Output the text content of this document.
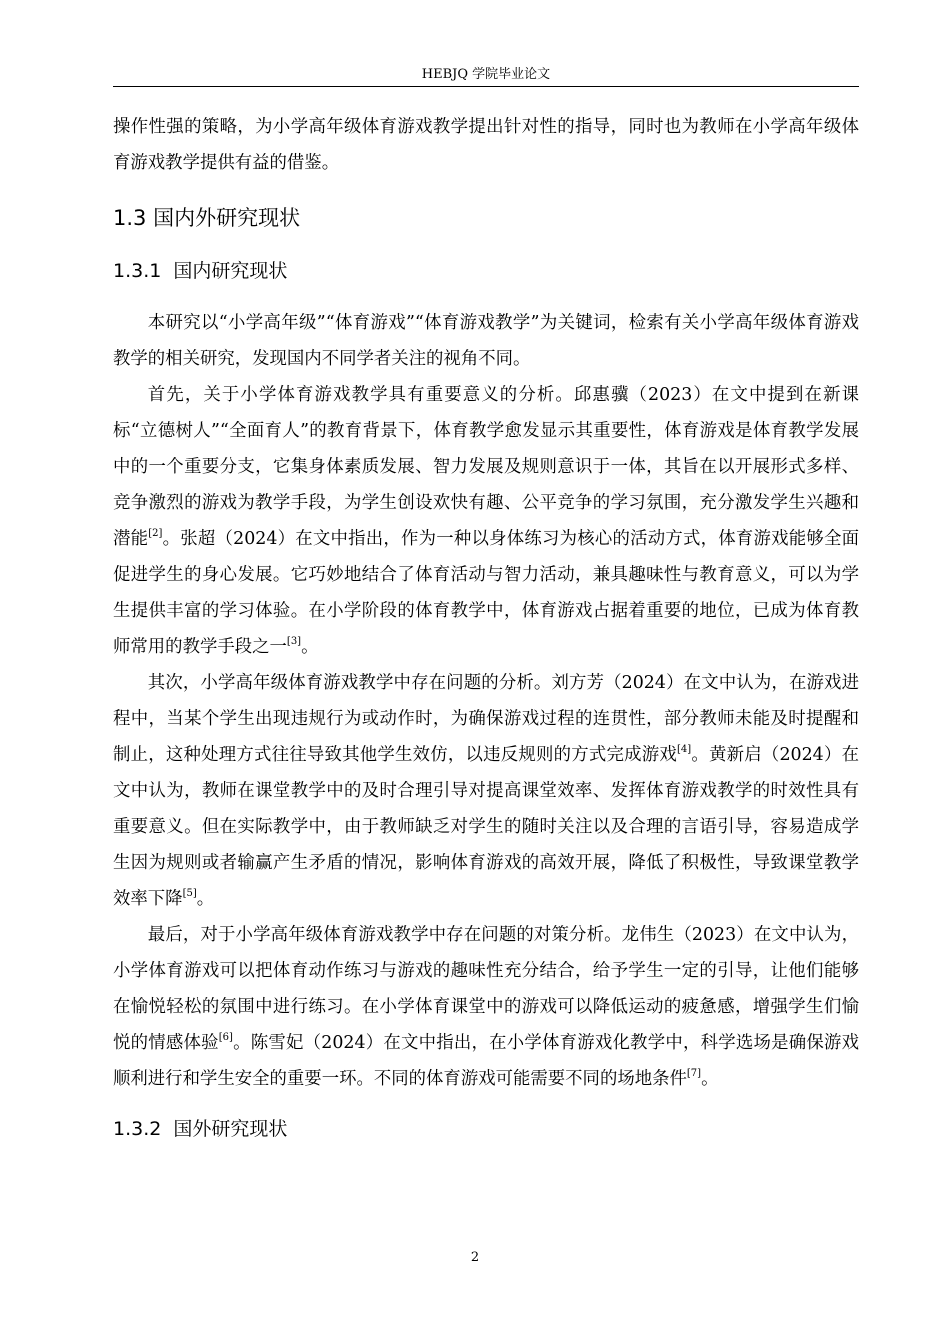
HEBJQ 学院毕业论文

操作性强的策略，为小学高年级体育游戏教学提出针对性的指导，同时也为教师在小学高年级体育游戏教学提供有益的借鉴。

1.3 国内外研究现状
1.3.1 国内研究现状

本研究以“小学高年级”“体育游戏”“体育游戏教学”为关键词，检索有关小学高年级体育游戏教学的相关研究，发现国内不同学者关注的视角不同。

首先，关于小学体育游戏教学具有重要意义的分析。邱惠骥（2023）在文中提到在新课标“立德树人”“全面育人”的教育背景下，体育教学愈发显示其重要性，体育游戏是体育教学发展中的一个重要分支，它集身体素质发展、智力发展及规则意识于一体，其旨在以开展形式多样、竞争激烈的游戏为教学手段，为学生创设欢快有趣、公平竞争的学习氛围，充分激发学生兴趣和潜能[2]。张超（2024）在文中指出，作为一种以身体练习为核心的活动方式，体育游戏能够全面促进学生的身心发展。它巧妙地结合了体育活动与智力活动，兼具趣味性与教育意义，可以为学生提供丰富的学习体验。在小学阶段的体育教学中，体育游戏占据着重要的地位，已成为体育教师常用的教学手段之一[3]。

其次，小学高年级体育游戏教学中存在问题的分析。刘方芳（2024）在文中认为，在游戏进程中，当某个学生出现违规行为或动作时，为确保游戏过程的连贯性，部分教师未能及时提醒和制止，这种处理方式往往导致其他学生效仿，以违反规则的方式完成游戏[4]。黄新启（2024）在文中认为，教师在课堂教学中的及时合理引导对提高课堂效率、发挥体育游戏教学的时效性具有重要意义。但在实际教学中，由于教师缺乏对学生的随时关注以及合理的言语引导，容易造成学生因为规则或者输赢产生矛盾的情况，影响体育游戏的高效开展，降低了积极性，导致课堂教学效率下降[5]。

最后，对于小学高年级体育游戏教学中存在问题的对策分析。龙伟生（2023）在文中认为，小学体育游戏可以把体育动作练习与游戏的趣味性充分结合，给予学生一定的引导，让他们能够在愉悦轻松的氛围中进行练习。在小学体育课堂中的游戏可以降低运动的疲惫感，增强学生们愉悦的情感体验[6]。陈雪妃（2024）在文中指出，在小学体育游戏化教学中，科学选场是确保游戏顺利进行和学生安全的重要一环。不同的体育游戏可能需要不同的场地条件[7]。

1.3.2 国外研究现状
2
